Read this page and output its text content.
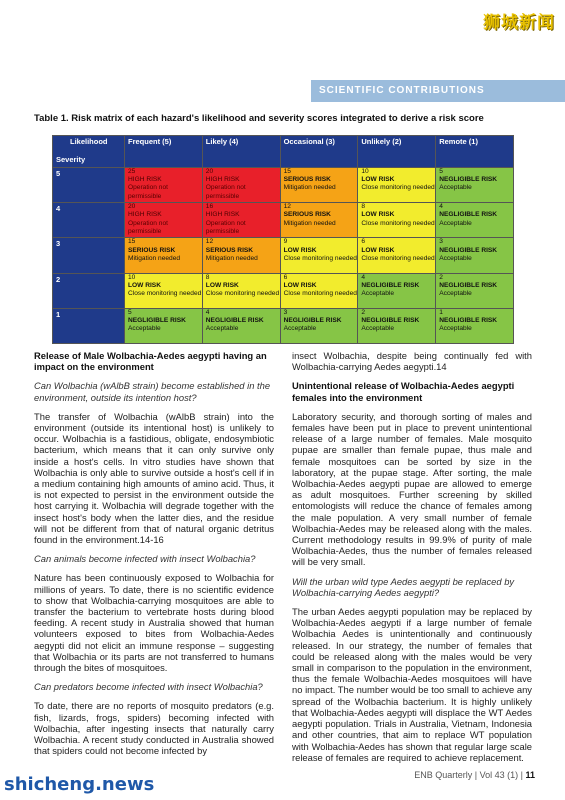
狮城新闻
SCIENTIFIC CONTRIBUTIONS
Table 1. Risk matrix of each hazard's likelihood and severity scores integrated to derive a risk score
Likelihood
Severity	Frequent (5)	Likely (4)	Occasional (3)	Unlikely (2)	Remote (1)
5	25
HIGH RISK
Operation not permissible	20
HIGH RISK
Operation not permissible	15
SERIOUS RISK
Mitigation needed	10
LOW RISK
Close monitoring needed	5
NEGLIGIBLE RISK
Acceptable

4	20
HIGH RISK
Operation not permissible	16
HIGH RISK
Operation not permissible	12
SERIOUS RISK
Mitigation needed	8
LOW RISK
Close monitoring needed	4
NEGLIGIBLE RISK
Acceptable

3	15
SERIOUS RISK
Mitigation needed	12
SERIOUS RISK
Mitigation needed	9
LOW RISK
Close monitoring needed	6
LOW RISK
Close monitoring needed	3
NEGLIGIBLE RISK
Acceptable

2	10
LOW RISK
Close monitoring needed	8
LOW RISK
Close monitoring needed	6
LOW RISK
Close monitoring needed	4
NEGLIGIBLE RISK
Acceptable	2
NEGLIGIBLE RISK
Acceptable

1	5
NEGLIGIBLE RISK
Acceptable	4
NEGLIGIBLE RISK
Acceptable	3
NEGLIGIBLE RISK
Acceptable	2
NEGLIGIBLE RISK
Acceptable	1
NEGLIGIBLE RISK
Acceptable
Release of Male Wolbachia-Aedes aegypti having an impact on the environment
Can Wolbachia (wAlbB strain) become established in the environment, outside its intention host?
The transfer of Wolbachia (wAlbB strain) into the environment (outside its intentional host) is unlikely to occur. Wolbachia is a fastidious, obligate, endosymbiotic bacterium, which means that it can only survive only inside a host's cells. In vitro studies have shown that Wolbachia is only able to survive outside a host's cell if in a medium containing high amounts of amino acid. Thus, it is not expected to persist in the environment outside the host carrying it. Wolbachia will degrade together with the insect host's body when the latter dies, and the residue will not be different from that of natural organic detritus found in the environment.14-16
Can animals become infected with insect Wolbachia?
Nature has been continuously exposed to Wolbachia for millions of years. To date, there is no scientific evidence to show that Wolbachia-carrying mosquitoes are able to transfer the bacterium to vertebrate hosts during blood feeding. A recent study in Australia showed that human volunteers exposed to bites from Wolbachia-Aedes aegypti did not elicit an immune response – suggesting that Wolbachia or its parts are not transferred to humans through the bites of mosquitoes.
Can predators become infected with insect Wolbachia?
To date, there are no reports of mosquito predators (e.g. fish, lizards, frogs, spiders) becoming infected with Wolbachia, after ingesting insects that naturally carry Wolbachia. A recent study conducted in Australia showed that spiders could not become infected by
insect Wolbachia, despite being continually fed with Wolbachia-carrying Aedes aegypti.14
Unintentional release of Wolbachia-Aedes aegypti females into the environment
Laboratory security, and thorough sorting of males and females have been put in place to prevent unintentional release of a large number of females. Male mosquito pupae are smaller than female pupae, thus male and female mosquitoes can be sorted by size in the laboratory, at the pupae stage. After sorting, the male Wolbachia-Aedes aegypti pupae are allowed to emerge as adult mosquitoes. Further screening by skilled entomologists will reduce the chance of females among the male population. A very small number of female Wolbachia-Aedes may be released along with the males. Current methodology results in 99.9% of purity of male Wolbachia-Aedes, thus the number of females released will be very small.
Will the urban wild type Aedes aegypti be replaced by Wolbachia-carrying Aedes aegypti?
The urban Aedes aegypti population may be replaced by Wolbachia-Aedes aegypti if a large number of female Wolbachia Aedes is unintentionally and continuously released. In our strategy, the number of females that could be released along with the males would be very small in comparison to the population in the environment, thus the female Wolbachia-Aedes mosquitoes will have no impact. The number would be too small to achieve any spread of the Wolbachia bacterium. It is highly unlikely that Wolbachia-Aedes aegypti will displace the WT Aedes aegypti population. Trials in Australia, Vietnam, Indonesia and other countries, that aim to replace WT population with Wolbachia-Aedes has shown that regular large scale release of females are required to achieve replacement.
ENB Quarterly | Vol 43 (1) | 11
shicheng.news
